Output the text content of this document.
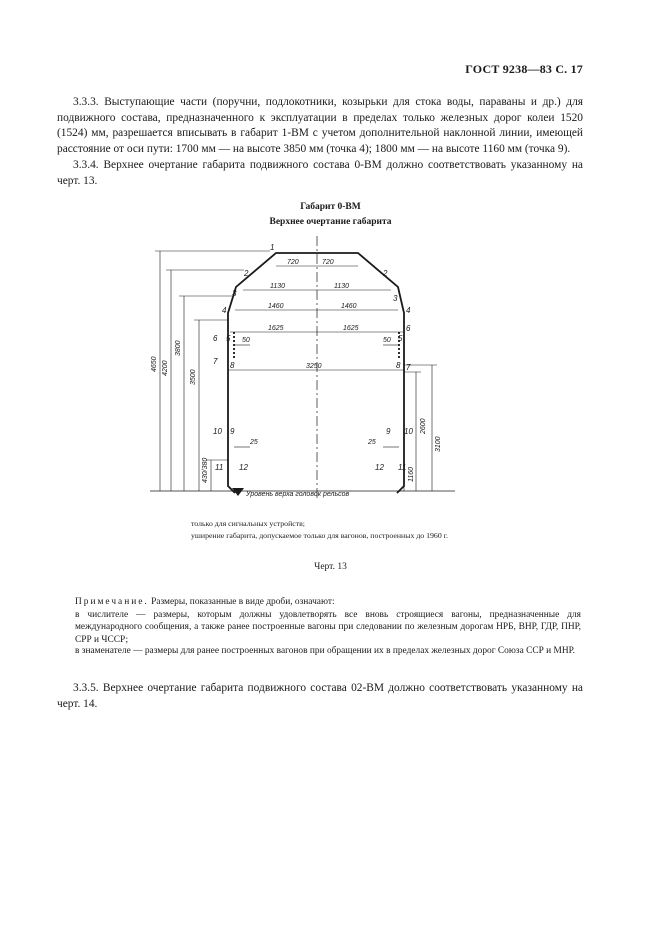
ГОСТ 9238—83 С. 17
3.3.3. Выступающие части (поручни, подлокотники, козырьки для стока воды, параваны и др.) для подвижного состава, предназначенного к эксплуатации в пределах только железных дорог колеи 1520 (1524) мм, разрешается вписывать в габарит 1-ВМ с учетом дополнительной наклонной линии, имеющей расстояние от оси пути: 1700 мм — на высоте 3850 мм (точка 4); 1800 мм — на высоте 1160 мм (точка 9).
3.3.4. Верхнее очертание габарита подвижного состава 0-ВМ должно соответствовать указанному на черт. 13.
Габарит 0-ВМ
Верхнее очертание габарита
1
2	2
3
3
4	4
5	5
6
6
7
7
8	8
9	9
10	10
11	11
12	12
720	720
1130	1130
1460	1460
1625	1625
3250
50	50
25	25
4650 4200
3800
3500
430/380
3100
2600
1160
Уровень верха головок рельсов
только для сигнальных устройств;
уширение габарита, допускаемое только для вагонов, построенных до 1960 г.
Черт. 13
Примечание. Размеры, показанные в виде дроби, означают:
в числителе — размеры, которым должны удовлетворять все вновь строящиеся вагоны, предназначенные для международного сообщения, а также ранее построенные вагоны при следовании по железным дорогам НРБ, ВНР, ГДР, ПНР, СРР и ЧССР;
в знаменателе — размеры для ранее построенных вагонов при обращении их в пределах железных дорог Союза ССР и МНР.
3.3.5. Верхнее очертание габарита подвижного состава 02-ВМ должно соответствовать указанному на черт. 14.
